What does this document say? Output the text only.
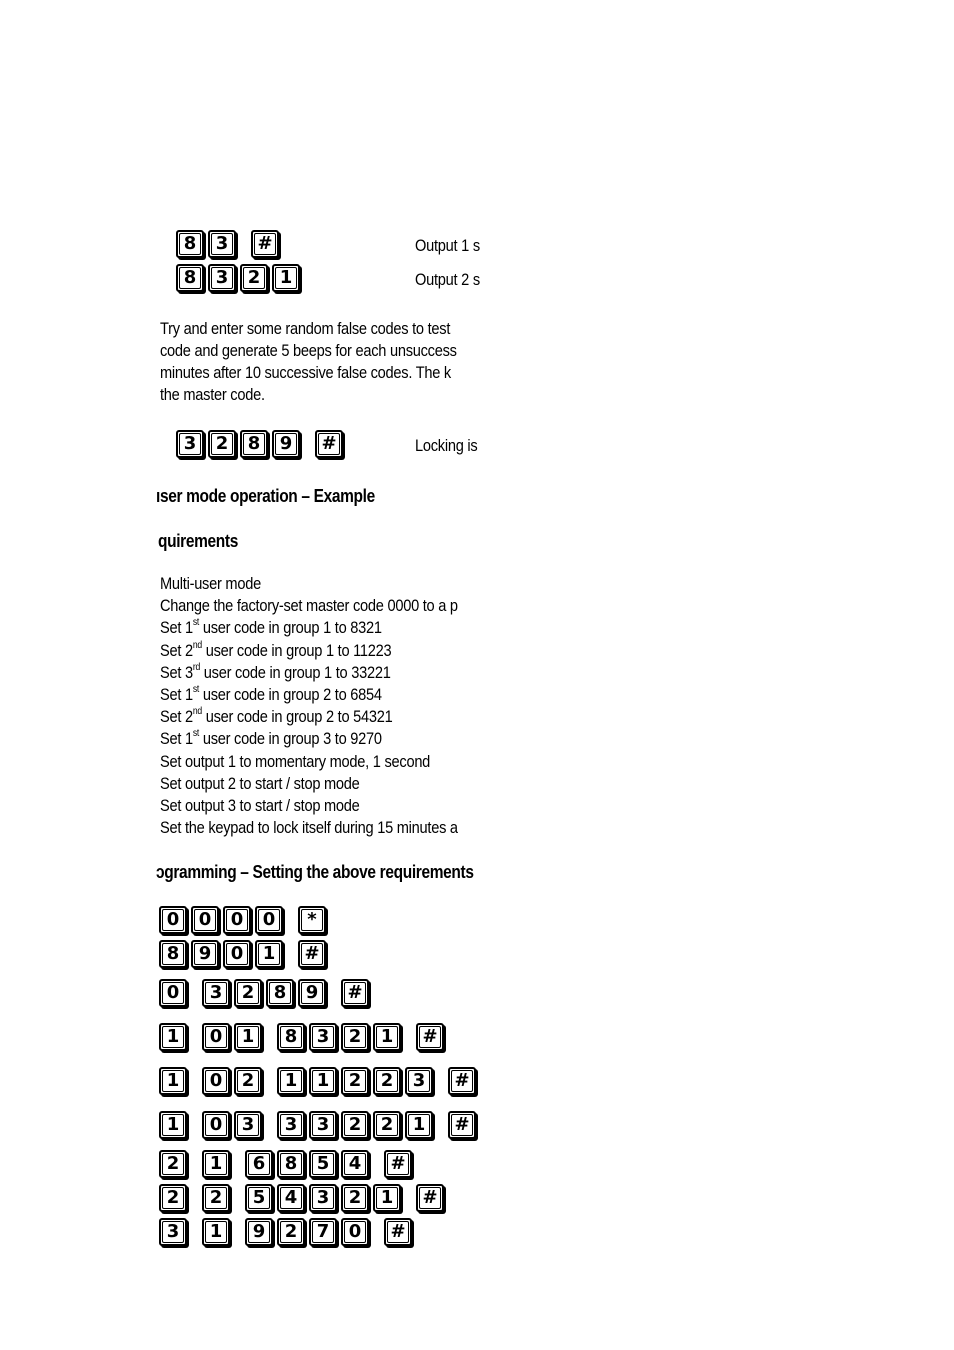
8 3 #	Output 1 s
8 3 2 1	Output 2 s
Try and enter some random false codes to test
code and generate 5 beeps for each unsuccess
minutes after 10 successive false codes. The k
the master code.
3 2 8 9 #	Locking is
ıser mode operation – Example
quirements
Multi-user mode
Change the factory-set master code 0000 to a p
Set 1st user code in group 1 to 8321
Set 2nd user code in group 1 to 11223
Set 3rd user code in group 1 to 33221
Set 1st user code in group 2 to 6854
Set 2nd user code in group 2 to 54321
Set 1st user code in group 3 to 9270
Set output 1 to momentary mode, 1 second
Set output 2 to start / stop mode
Set output 3 to start / stop mode
Set the keypad to lock itself during 15 minutes a
ɔgramming – Setting the above requirements
0 0 0 0	*
8 9 0 1 #
0 3 2 8 9 #
1 0 1 8 3 2 1 #
1 0 2 1 1 2 2 3 #
1 0 3 3 3 2 2 1 #
2 1 6 8 5 4 #
2 2 5 4 3 2 1 #
3 1 9 2 7 0 #
